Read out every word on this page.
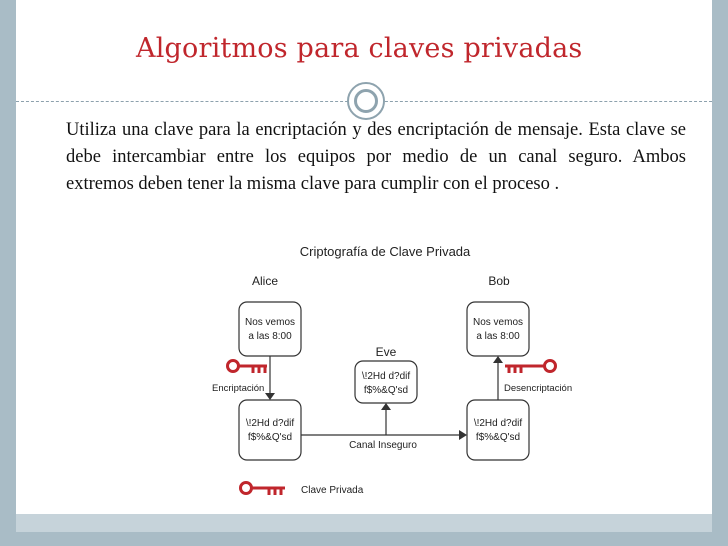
Algoritmos para claves privadas
Utiliza una clave para la encriptación y des encriptación de mensaje. Esta clave se debe intercambiar entre los equipos por medio de un canal seguro. Ambos extremos deben tener la misma clave para cumplir con el proceso .
Criptografía de Clave Privada
Alice
Nos vemos
a las 8:00
Bob
Nos vemos
a las 8:00
Eve
\!2Hd d?dif
f$%&Q'sd
\!2Hd d?dif
f$%&Q'sd
\!2Hd d?dif
f$%&Q'sd
Encriptación	Desencriptación
Canal Inseguro
Clave Privada
